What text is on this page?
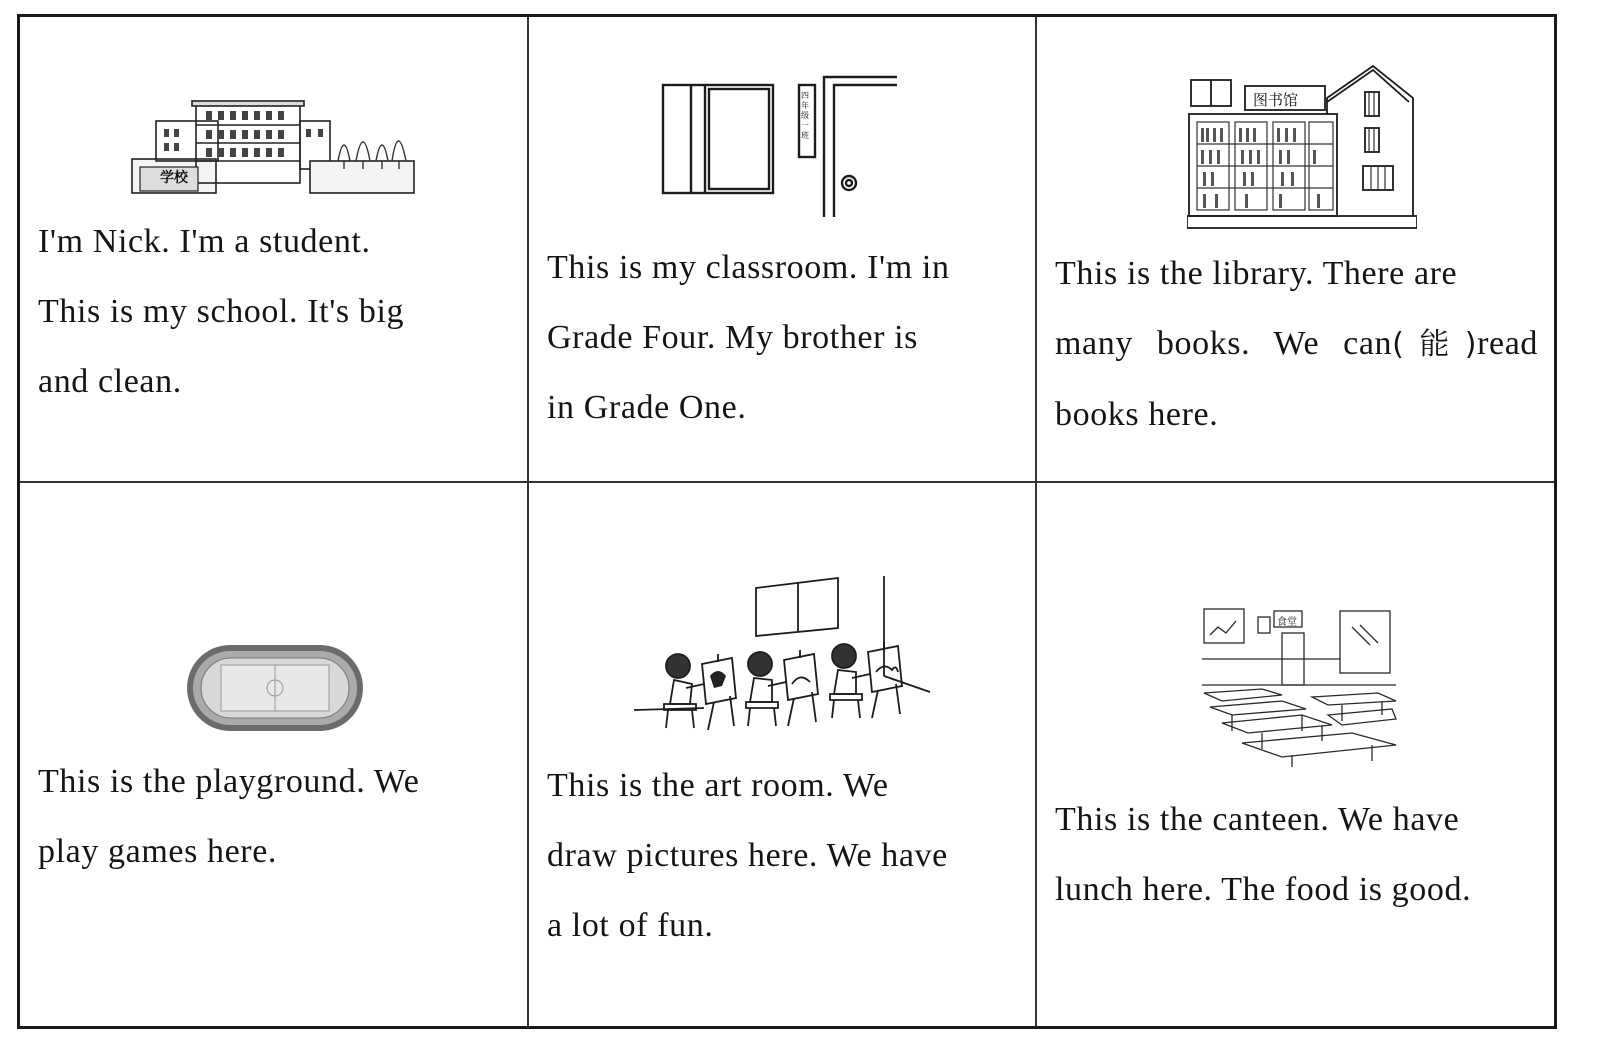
学校
I'm Nick. I'm a student.
This is my school. It's big
and clean.
四年级一班
This is my classroom. I'm in
Grade Four. My brother is
in Grade One.
图书馆
This is the library. There are
many books. We can(能)read
books here.
This is the playground. We
play games here.
This is the art room. We
draw pictures here. We have
a lot of fun.
食堂
This is the canteen. We have
lunch here. The food is good.
